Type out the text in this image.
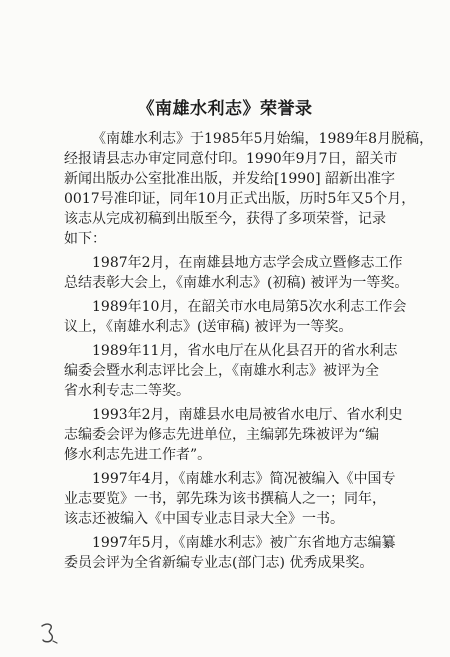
《南雄水利志》荣誉录

《南雄水利志》于1985年5月始编，1989年8月脱稿，
经报请县志办审定同意付印。1990年9月7日，韶关市
新闻出版办公室批准出版，并发给[1990] 韶新出准字
0017号准印证，同年10月正式出版，历时5年又5个月，
该志从完成初稿到出版至今，获得了多项荣誉，记录
如下：

1987年2月，在南雄县地方志学会成立暨修志工作
总结表彰大会上，《南雄水利志》(初稿) 被评为一等奖。

1989年10月，在韶关市水电局第5次水利志工作会
议上，《南雄水利志》(送审稿) 被评为一等奖。

1989年11月，省水电厅在从化县召开的省水利志
编委会暨水利志评比会上，《南雄水利志》被评为全
省水利专志二等奖。

1993年2月，南雄县水电局被省水电厅、省水利史
志编委会评为修志先进单位，主编郭先珠被评为“编
修水利志先进工作者”。

1997年4月，《南雄水利志》简况被编入《中国专
业志要览》一书，郭先珠为该书撰稿人之一；同年，
该志还被编入《中国专业志目录大全》一书。

1997年5月，《南雄水利志》被广东省地方志编纂
委员会评为全省新编专业志(部门志) 优秀成果奖。
